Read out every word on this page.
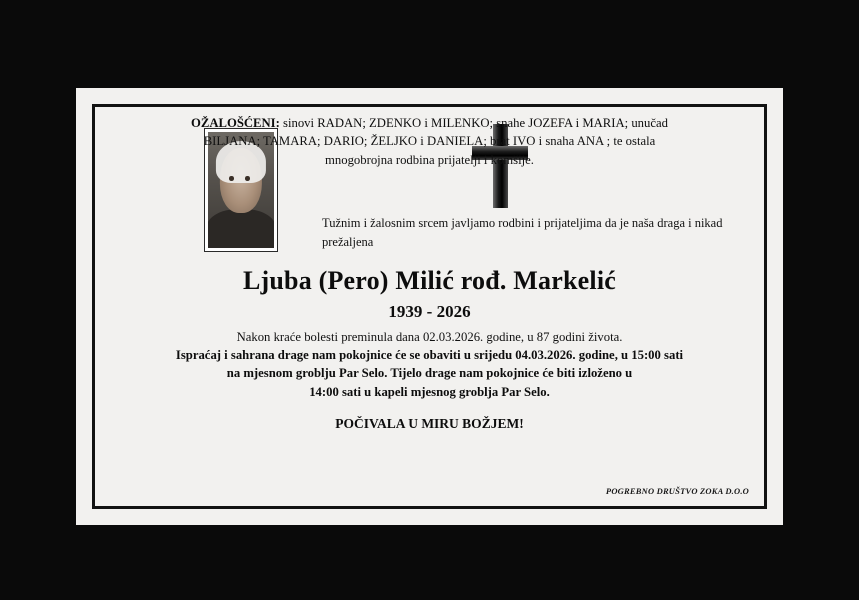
Tužnim i žalosnim srcem javljamo rodbini i prijateljima da je naša draga i nikad prežaljena
Ljuba (Pero) Milić rođ. Markelić
1939 - 2026
Nakon kraće bolesti preminula dana 02.03.2026. godine, u 87 godini života.
Ispraćaj i sahrana drage nam pokojnice će se obaviti u srijedu 04.03.2026. godine, u 15:00 sati
na mjesnom groblju Par Selo. Tijelo drage nam pokojnice će biti izloženo u
14:00 sati u kapeli mjesnog groblja Par Selo.
POČIVALA U MIRU BOŽJEM!
OŽALOŠĆENI: sinovi RADAN; ZDENKO i MILENKO; snahe JOZEFA i MARIA; unučad
BILJANA; TAMARA; DARIO; ŽELJKO i DANIELA; brat IVO i snaha ANA ; te ostala
mnogobrojna rodbina prijatelji i komšije.
POGREBNO DRUŠTVO ZOKA D.O.O
